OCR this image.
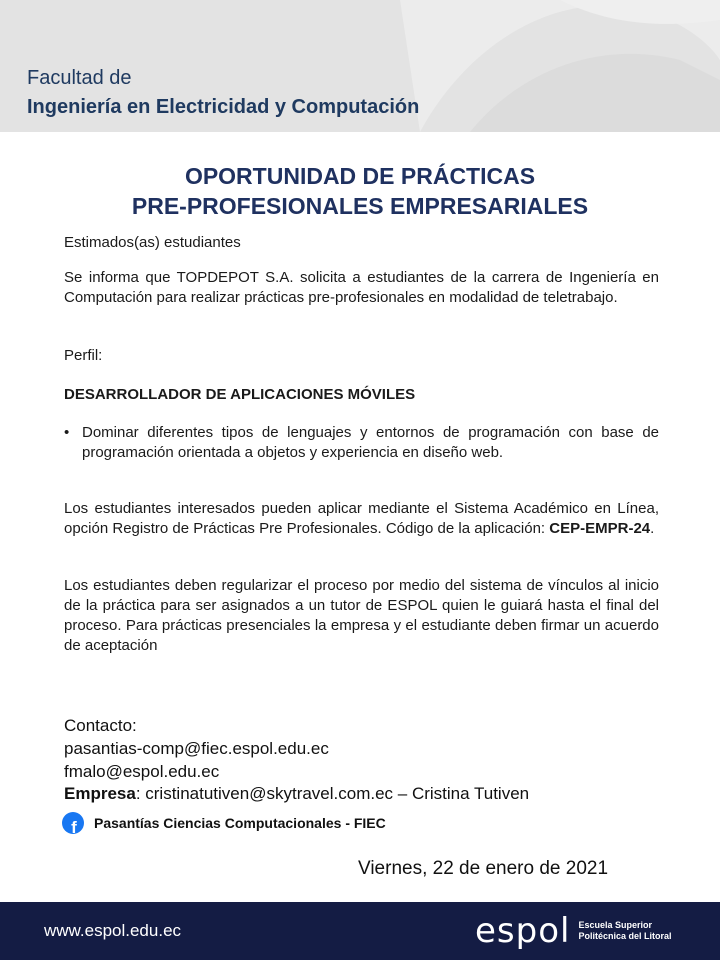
Facultad de
Ingeniería en Electricidad y Computación
OPORTUNIDAD DE PRÁCTICAS
PRE-PROFESIONALES EMPRESARIALES
Estimados(as) estudiantes
Se informa que TOPDEPOT S.A. solicita a estudiantes de la carrera de Ingeniería en Computación para realizar prácticas pre-profesionales en modalidad de teletrabajo.
Perfil:
DESARROLLADOR DE APLICACIONES MÓVILES
• Dominar diferentes tipos de lenguajes y entornos de programación con base de programación orientada a objetos y experiencia en diseño web.
Los estudiantes interesados pueden aplicar mediante el Sistema Académico en Línea, opción Registro de Prácticas Pre Profesionales. Código de la aplicación: CEP-EMPR-24.
Los estudiantes deben regularizar el proceso por medio del sistema de vínculos al inicio de la práctica para ser asignados a un tutor de ESPOL quien le guiará hasta el final del proceso. Para prácticas presenciales la empresa y el estudiante deben firmar un acuerdo de aceptación
Contacto:
pasantias-comp@fiec.espol.edu.ec
fmalo@espol.edu.ec
Empresa: cristinatutiven@skytravel.com.ec – Cristina Tutiven
f Pasantías Ciencias Computacionales - FIEC
Viernes, 22 de enero de 2021
www.espol.edu.ec	espol Escuela Superior
Politécnica del Litoral
